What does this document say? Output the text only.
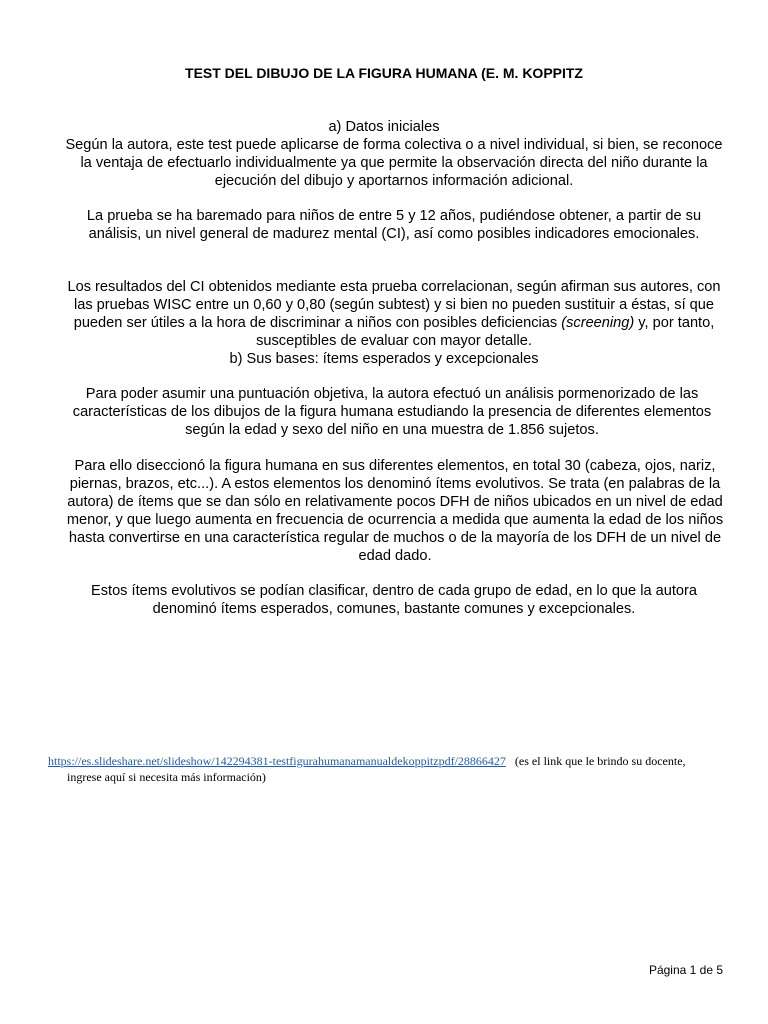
TEST DEL DIBUJO DE LA FIGURA HUMANA (E. M. KOPPITZ

a) Datos iniciales

Según la autora, este test puede aplicarse de forma colectiva o a nivel individual, si bien, se reconoce la ventaja de efectuarlo individualmente ya que permite la observación directa del niño durante la ejecución del dibujo y aportarnos información adicional.

La prueba se ha baremado para niños de entre 5 y 12 años, pudiéndose obtener, a partir de su análisis, un nivel general de madurez mental (CI), así como posibles indicadores emocionales.

Los resultados del CI obtenidos mediante esta prueba correlacionan, según afirman sus autores, con las pruebas WISC entre un 0,60 y 0,80 (según subtest) y si bien no pueden sustituir a éstas, sí que pueden ser útiles a la hora de discriminar a niños con posibles deficiencias (screening) y, por tanto, susceptibles de evaluar con mayor detalle.

b) Sus bases: ítems esperados y excepcionales

Para poder asumir una puntuación objetiva, la autora efectuó un análisis pormenorizado de las características de los dibujos de la figura humana estudiando la presencia de diferentes elementos según la edad y sexo del niño en una muestra de 1.856 sujetos.

Para ello diseccionó la figura humana en sus diferentes elementos, en total 30 (cabeza, ojos, nariz, piernas, brazos, etc...). A estos elementos los denominó ítems evolutivos. Se trata (en palabras de la autora) de ítems que se dan sólo en relativamente pocos DFH de niños ubicados en un nivel de edad menor, y que luego aumenta en frecuencia de ocurrencia a medida que aumenta la edad de los niños hasta convertirse en una característica regular de muchos o de la mayoría de los DFH de un nivel de edad dado.

Estos ítems evolutivos se podían clasificar, dentro de cada grupo de edad, en lo que la autora denominó ítems esperados, comunes, bastante comunes y excepcionales.

https://es.slideshare.net/slideshow/142294381-testfigurahumanamanualdekoppitzpdf/28866427 (es el link que le brindo su docente,
ingrese aquí si necesita más información)
Página 1 de 5
